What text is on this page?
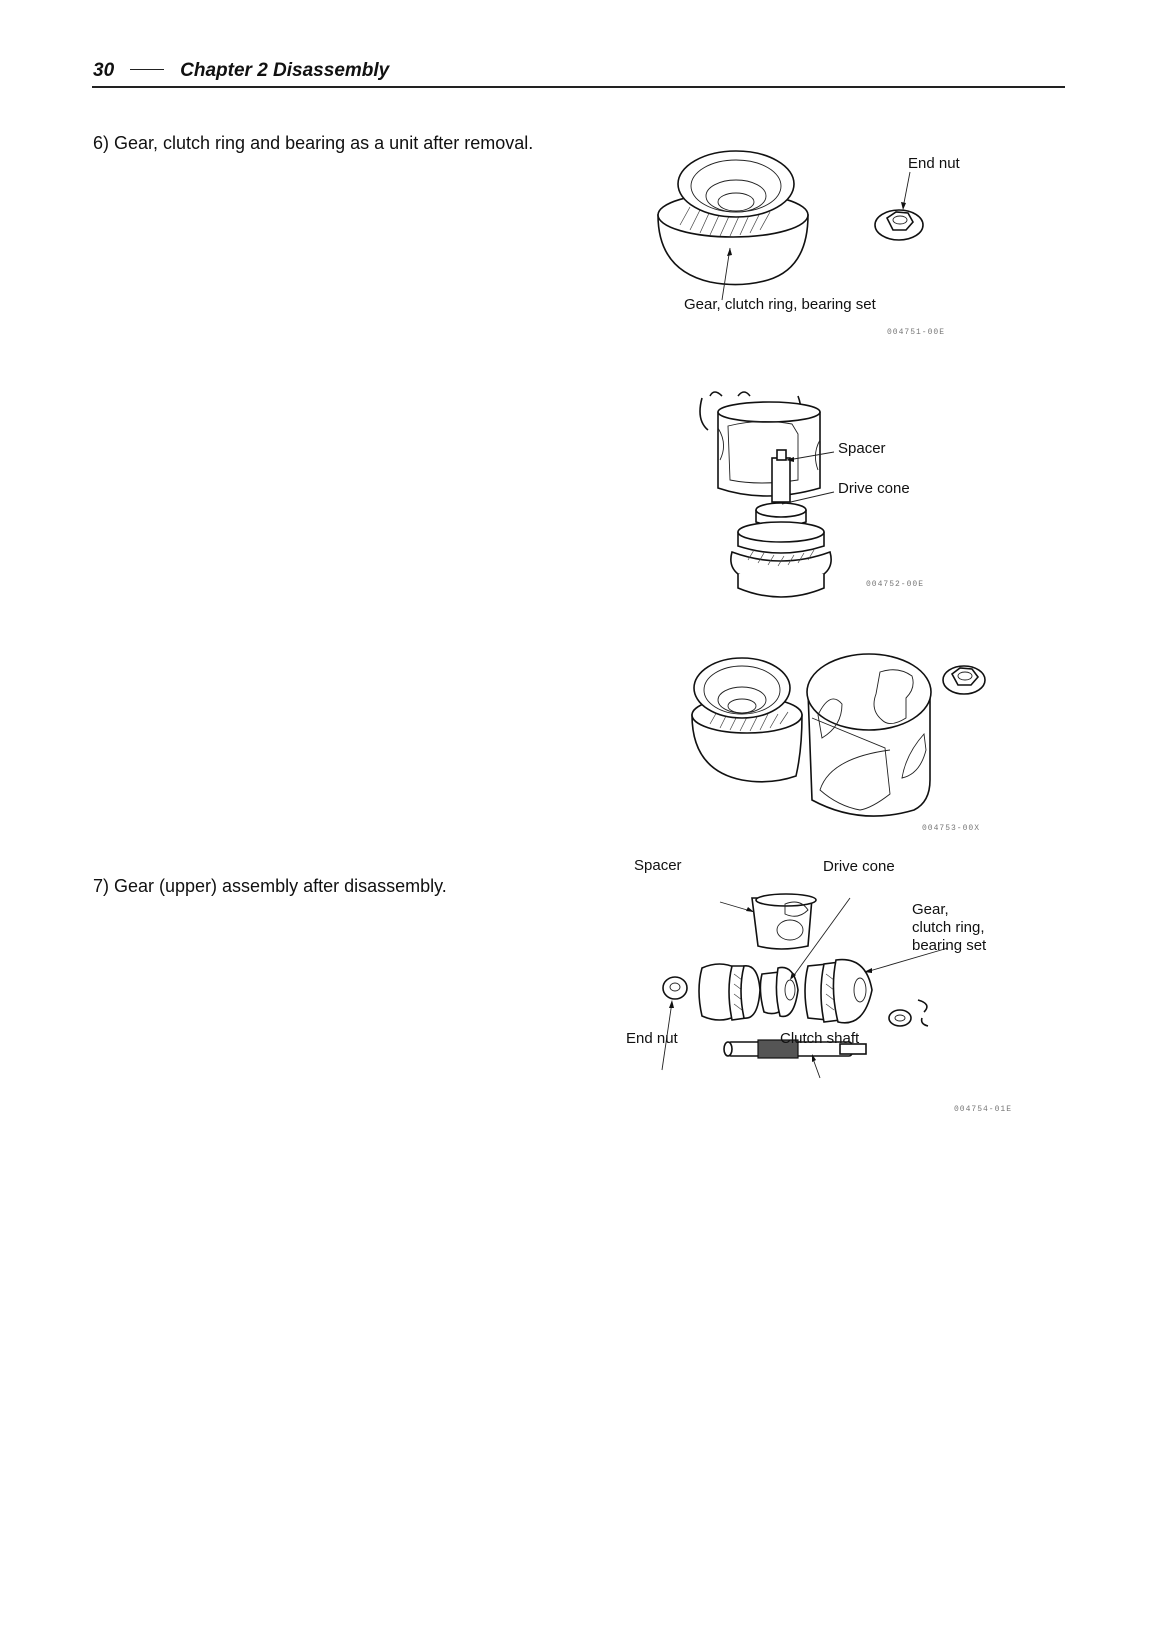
30	Chapter 2 Disassembly
6) Gear, clutch ring and bearing as a unit after removal.
End nut
Gear, clutch ring, bearing set
004751-00E
Spacer
Drive cone
004752-00E
004753-00X
7) Gear (upper) assembly after disassembly.
Spacer	Drive cone
Gear,
clutch ring,
bearing set
End nut	Clutch shaft
004754-01E
